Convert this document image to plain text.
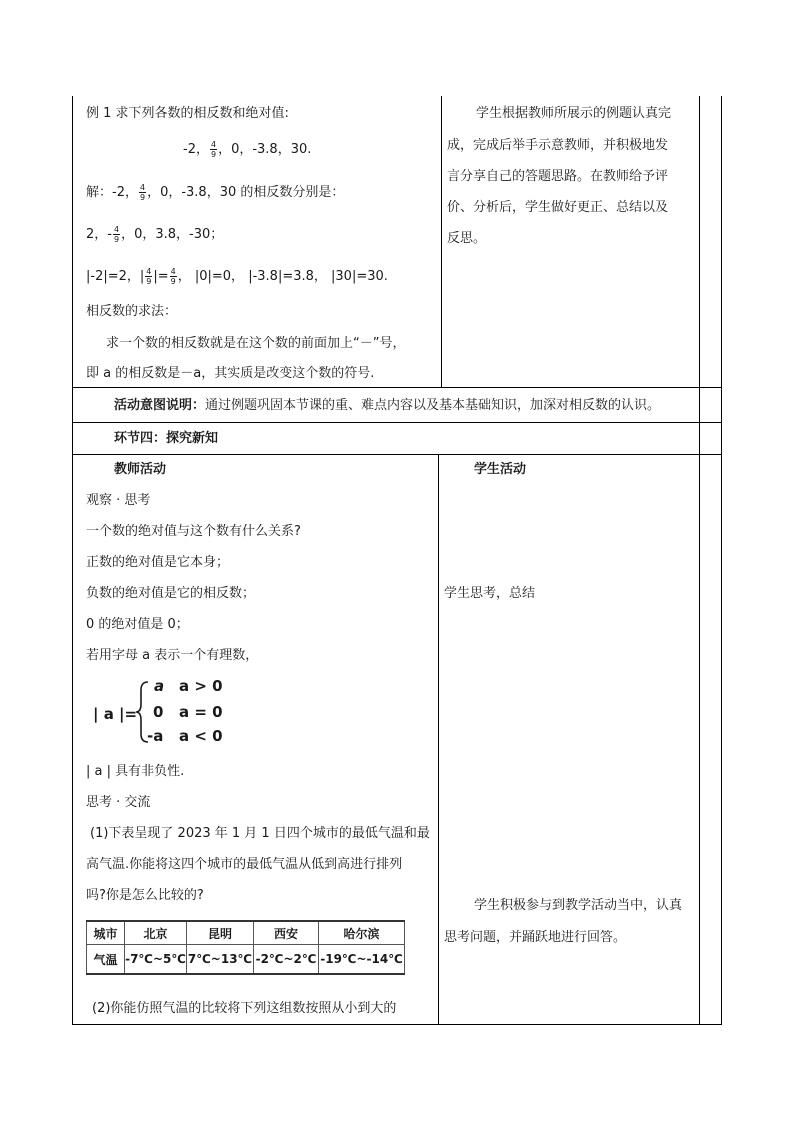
例 1 求下列各数的相反数和绝对值:
-2， $\frac{4}{9}$ ，0，-3.8，30.
解：-2， $\frac{4}{9}$ ，0，-3.8，30 的相反数分别是：
2，- $\frac{4}{9}$ ，0，3.8，-30；
|-2|=2，| $\frac{4}{9}$ |= $\frac{4}{9}$ ， |0|=0， |-3.8|=3.8， |30|=30.
相反数的求法：
求一个数的相反数就是在这个数的前面加上“－”号，
即 a 的相反数是－a，其实质是改变这个数的符号.
学生根据教师所展示的例题认真完
成，完成后举手示意教师，并积极地发
言分享自己的答题思路。在教师给予评
价、分析后，学生做好更正、总结以及
反思。
活动意图说明：通过例题巩固本节课的重、难点内容以及基本基础知识，加深对相反数的认识。
环节四：探究新知
教师活动	学生活动
观察 · 思考
一个数的绝对值与这个数有什么关系?
正数的绝对值是它本身；
负数的绝对值是它的相反数；
0 的绝对值是 0；
若用字母 a 表示一个有理数，
| a |=
a a > 0
0 a = 0
-a a < 0
| a | 具有非负性.
思考 · 交流
(1)下表呈现了 2023 年 1 月 1 日四个城市的最低气温和最
高气温.你能将这四个城市的最低气温从低到高进行排列
吗?你是怎么比较的?
城市	北京	昆明	西安	哈尔滨
气温	-7℃~5℃	7℃~13℃	-2℃~2℃	-19℃~-14℃
(2)你能仿照气温的比较将下列这组数按照从小到大的
学生思考，总结
学生积极参与到教学活动当中，认真
思考问题，并踊跃地进行回答。
